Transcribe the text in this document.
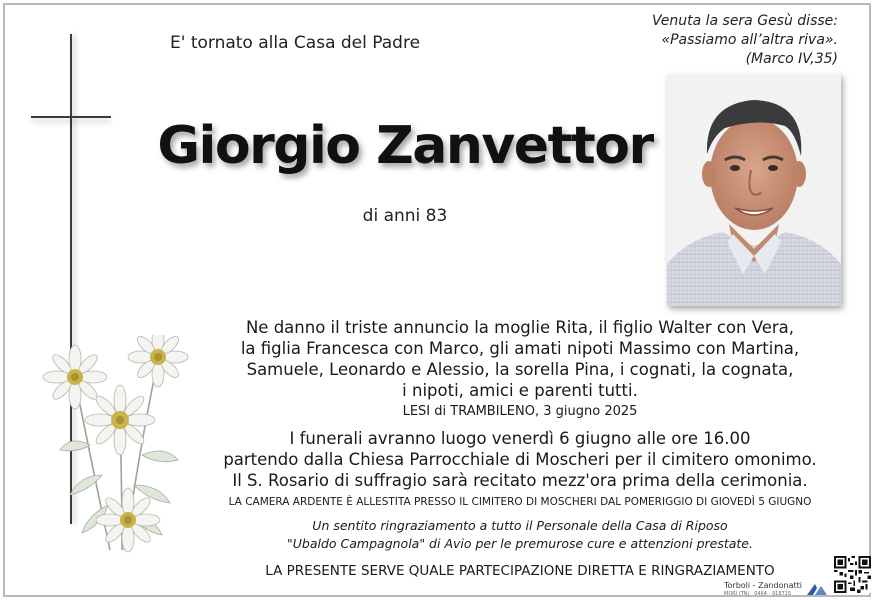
E' tornato alla Casa del Padre
Venuta la sera Gesù disse:
«Passiamo all’altra riva».
(Marco IV,35)
Giorgio Zanvettor
di anni 83
Ne danno il triste annuncio la moglie Rita, il figlio Walter con Vera,
la figlia Francesca con Marco, gli amati nipoti Massimo con Martina,
Samuele, Leonardo e Alessio, la sorella Pina, i cognati, la cognata,
i nipoti, amici e parenti tutti.
LESI di TRAMBILENO, 3 giugno 2025
I funerali avranno luogo venerdì 6 giugno alle ore 16.00
partendo dalla Chiesa Parrocchiale di Moscheri per il cimitero omonimo.
Il S. Rosario di suffragio sarà recitato mezz'ora prima della cerimonia.
LA CAMERA ARDENTE È ALLESTITA PRESSO IL CIMITERO DI MOSCHERI DAL POMERIGGIO DI GIOVEDÌ 5 GIUGNO
Un sentito ringraziamento a tutto il Personale della Casa di Riposo
"Ubaldo Campagnola" di Avio per le premurose cure e attenzioni prestate.
LA PRESENTE SERVE QUALE PARTECIPAZIONE DIRETTA E RINGRAZIAMENTO
Torboli - Zandonatti
MORI (TN) · 0464 - 918715
